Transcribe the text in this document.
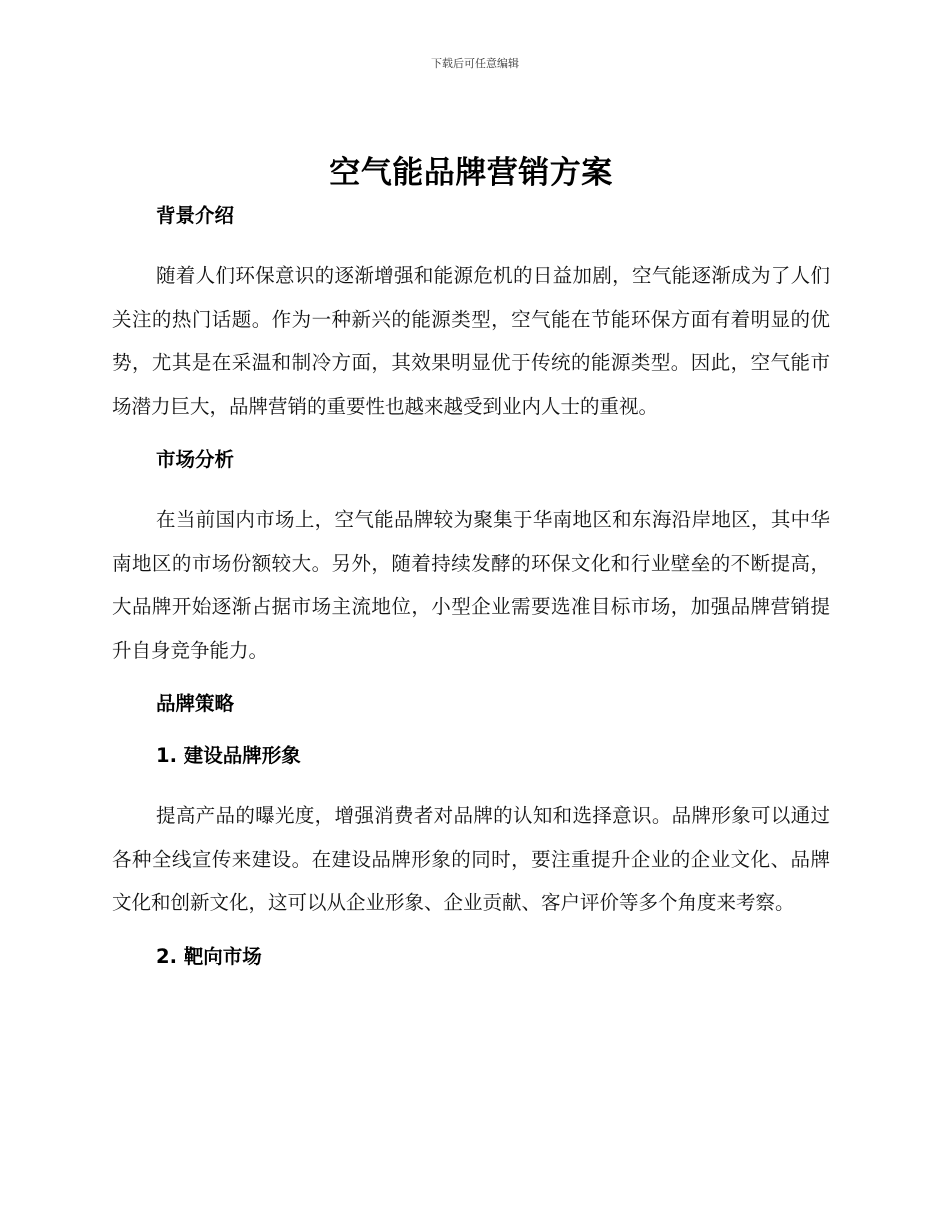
下载后可任意编辑
空气能品牌营销方案
背景介绍

随着人们环保意识的逐渐增强和能源危机的日益加剧，空气能逐渐成为了人们关注的热门话题。作为一种新兴的能源类型，空气能在节能环保方面有着明显的优势，尤其是在采温和制冷方面，其效果明显优于传统的能源类型。因此，空气能市场潜力巨大，品牌营销的重要性也越来越受到业内人士的重视。

市场分析

在当前国内市场上，空气能品牌较为聚集于华南地区和东海沿岸地区，其中华南地区的市场份额较大。另外，随着持续发酵的环保文化和行业壁垒的不断提高，大品牌开始逐渐占据市场主流地位，小型企业需要选准目标市场，加强品牌营销提升自身竞争能力。

品牌策略
1. 建设品牌形象

提高产品的曝光度，增强消费者对品牌的认知和选择意识。品牌形象可以通过各种全线宣传来建设。在建设品牌形象的同时，要注重提升企业的企业文化、品牌文化和创新文化，这可以从企业形象、企业贡献、客户评价等多个角度来考察。

2. 靶向市场
